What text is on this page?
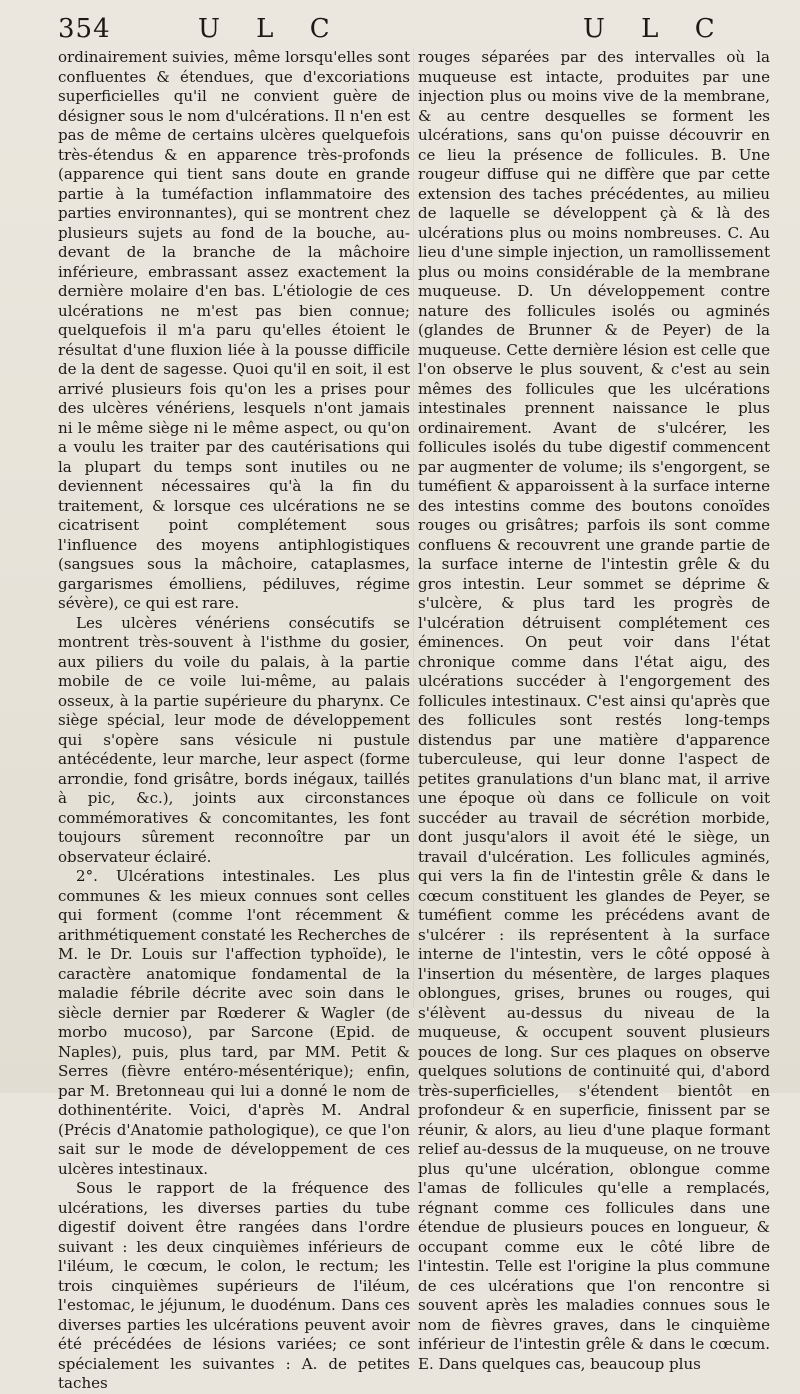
354	U L C	U L C

ordinairement suivies, même lorsqu'elles sont confluentes & étendues, que d'excoriations superficielles qu'il ne convient guère de désigner sous le nom d'ulcérations. Il n'en est pas de même de certains ulcères quelquefois très-étendus & en apparence très-profonds (apparence qui tient sans doute en grande partie à la tuméfaction inflammatoire des parties environnantes), qui se montrent chez plusieurs sujets au fond de la bouche, au-devant de la branche de la mâchoire inférieure, embrassant assez exactement la dernière molaire d'en bas. L'étiologie de ces ulcérations ne m'est pas bien connue; quelquefois il m'a paru qu'elles étoient le résultat d'une fluxion liée à la pousse difficile de la dent de sagesse. Quoi qu'il en soit, il est arrivé plusieurs fois qu'on les a prises pour des ulcères vénériens, lesquels n'ont jamais ni le même siège ni le même aspect, ou qu'on a voulu les traiter par des cautérisations qui la plupart du temps sont inutiles ou ne deviennent nécessaires qu'à la fin du traitement, & lorsque ces ulcérations ne se cicatrisent point complétement sous l'influence des moyens antiphlogistiques (sangsues sous la mâchoire, cataplasmes, gargarismes émolliens, pédiluves, régime sévère), ce qui est rare.

Les ulcères vénériens consécutifs se montrent très-souvent à l'isthme du gosier, aux piliers du voile du palais, à la partie mobile de ce voile lui-même, au palais osseux, à la partie supérieure du pharynx. Ce siège spécial, leur mode de développement qui s'opère sans vésicule ni pustule antécédente, leur marche, leur aspect (forme arrondie, fond grisâtre, bords inégaux, taillés à pic, &c.), joints aux circonstances commémoratives & concomitantes, les font toujours sûrement reconnoître par un observateur éclairé.

2°. Ulcérations intestinales. Les plus communes & les mieux connues sont celles qui forment (comme l'ont récemment & arithmétiquement constaté les Recherches de M. le Dr. Louis sur l'affection typhoïde), le caractère anatomique fondamental de la maladie fébrile décrite avec soin dans le siècle dernier par Rœderer & Wagler (de morbo mucoso), par Sarcone (Epid. de Naples), puis, plus tard, par MM. Petit & Serres (fièvre entéro-mésentérique); enfin, par M. Bretonneau qui lui a donné le nom de dothinentérite. Voici, d'après M. Andral (Précis d'Anatomie pathologique), ce que l'on sait sur le mode de développement de ces ulcères intestinaux.

Sous le rapport de la fréquence des ulcérations, les diverses parties du tube digestif doivent être rangées dans l'ordre suivant : les deux cinquièmes inférieurs de l'iléum, le cœcum, le colon, le rectum; les trois cinquièmes supérieurs de l'iléum, l'estomac, le jéjunum, le duodénum. Dans ces diverses parties les ulcérations peuvent avoir été précédées de lésions variées; ce sont spécialement les suivantes : A. de petites taches

rouges séparées par des intervalles où la muqueuse est intacte, produites par une injection plus ou moins vive de la membrane, & au centre desquelles se forment les ulcérations, sans qu'on puisse découvrir en ce lieu la présence de follicules. B. Une rougeur diffuse qui ne diffère que par cette extension des taches précédentes, au milieu de laquelle se développent çà & là des ulcérations plus ou moins nombreuses. C. Au lieu d'une simple injection, un ramollissement plus ou moins considérable de la membrane muqueuse. D. Un développement contre nature des follicules isolés ou agminés (glandes de Brunner & de Peyer) de la muqueuse. Cette dernière lésion est celle que l'on observe le plus souvent, & c'est au sein mêmes des follicules que les ulcérations intestinales prennent naissance le plus ordinairement. Avant de s'ulcérer, les follicules isolés du tube digestif commencent par augmenter de volume; ils s'engorgent, se tuméfient & apparoissent à la surface interne des intestins comme des boutons conoïdes rouges ou grisâtres; parfois ils sont comme confluens & recouvrent une grande partie de la surface interne de l'intestin grêle & du gros intestin. Leur sommet se déprime & s'ulcère, & plus tard les progrès de l'ulcération détruisent complétement ces éminences. On peut voir dans l'état chronique comme dans l'état aigu, des ulcérations succéder à l'engorgement des follicules intestinaux. C'est ainsi qu'après que des follicules sont restés long-temps distendus par une matière d'apparence tuberculeuse, qui leur donne l'aspect de petites granulations d'un blanc mat, il arrive une époque où dans ce follicule on voit succéder au travail de sécrétion morbide, dont jusqu'alors il avoit été le siège, un travail d'ulcération. Les follicules agminés, qui vers la fin de l'intestin grêle & dans le cœcum constituent les glandes de Peyer, se tuméfient comme les précédens avant de s'ulcérer : ils représentent à la surface interne de l'intestin, vers le côté opposé à l'insertion du mésentère, de larges plaques oblongues, grises, brunes ou rouges, qui s'élèvent au-dessus du niveau de la muqueuse, & occupent souvent plusieurs pouces de long. Sur ces plaques on observe quelques solutions de continuité qui, d'abord très-superficielles, s'étendent bientôt en profondeur & en superficie, finissent par se réunir, & alors, au lieu d'une plaque formant relief au-dessus de la muqueuse, on ne trouve plus qu'une ulcération, oblongue comme l'amas de follicules qu'elle a remplacés, régnant comme ces follicules dans une étendue de plusieurs pouces en longueur, & occupant comme eux le côté libre de l'intestin. Telle est l'origine la plus commune de ces ulcérations que l'on rencontre si souvent après les maladies connues sous le nom de fièvres graves, dans le cinquième inférieur de l'intestin grêle & dans le cœcum. E. Dans quelques cas, beaucoup plus
